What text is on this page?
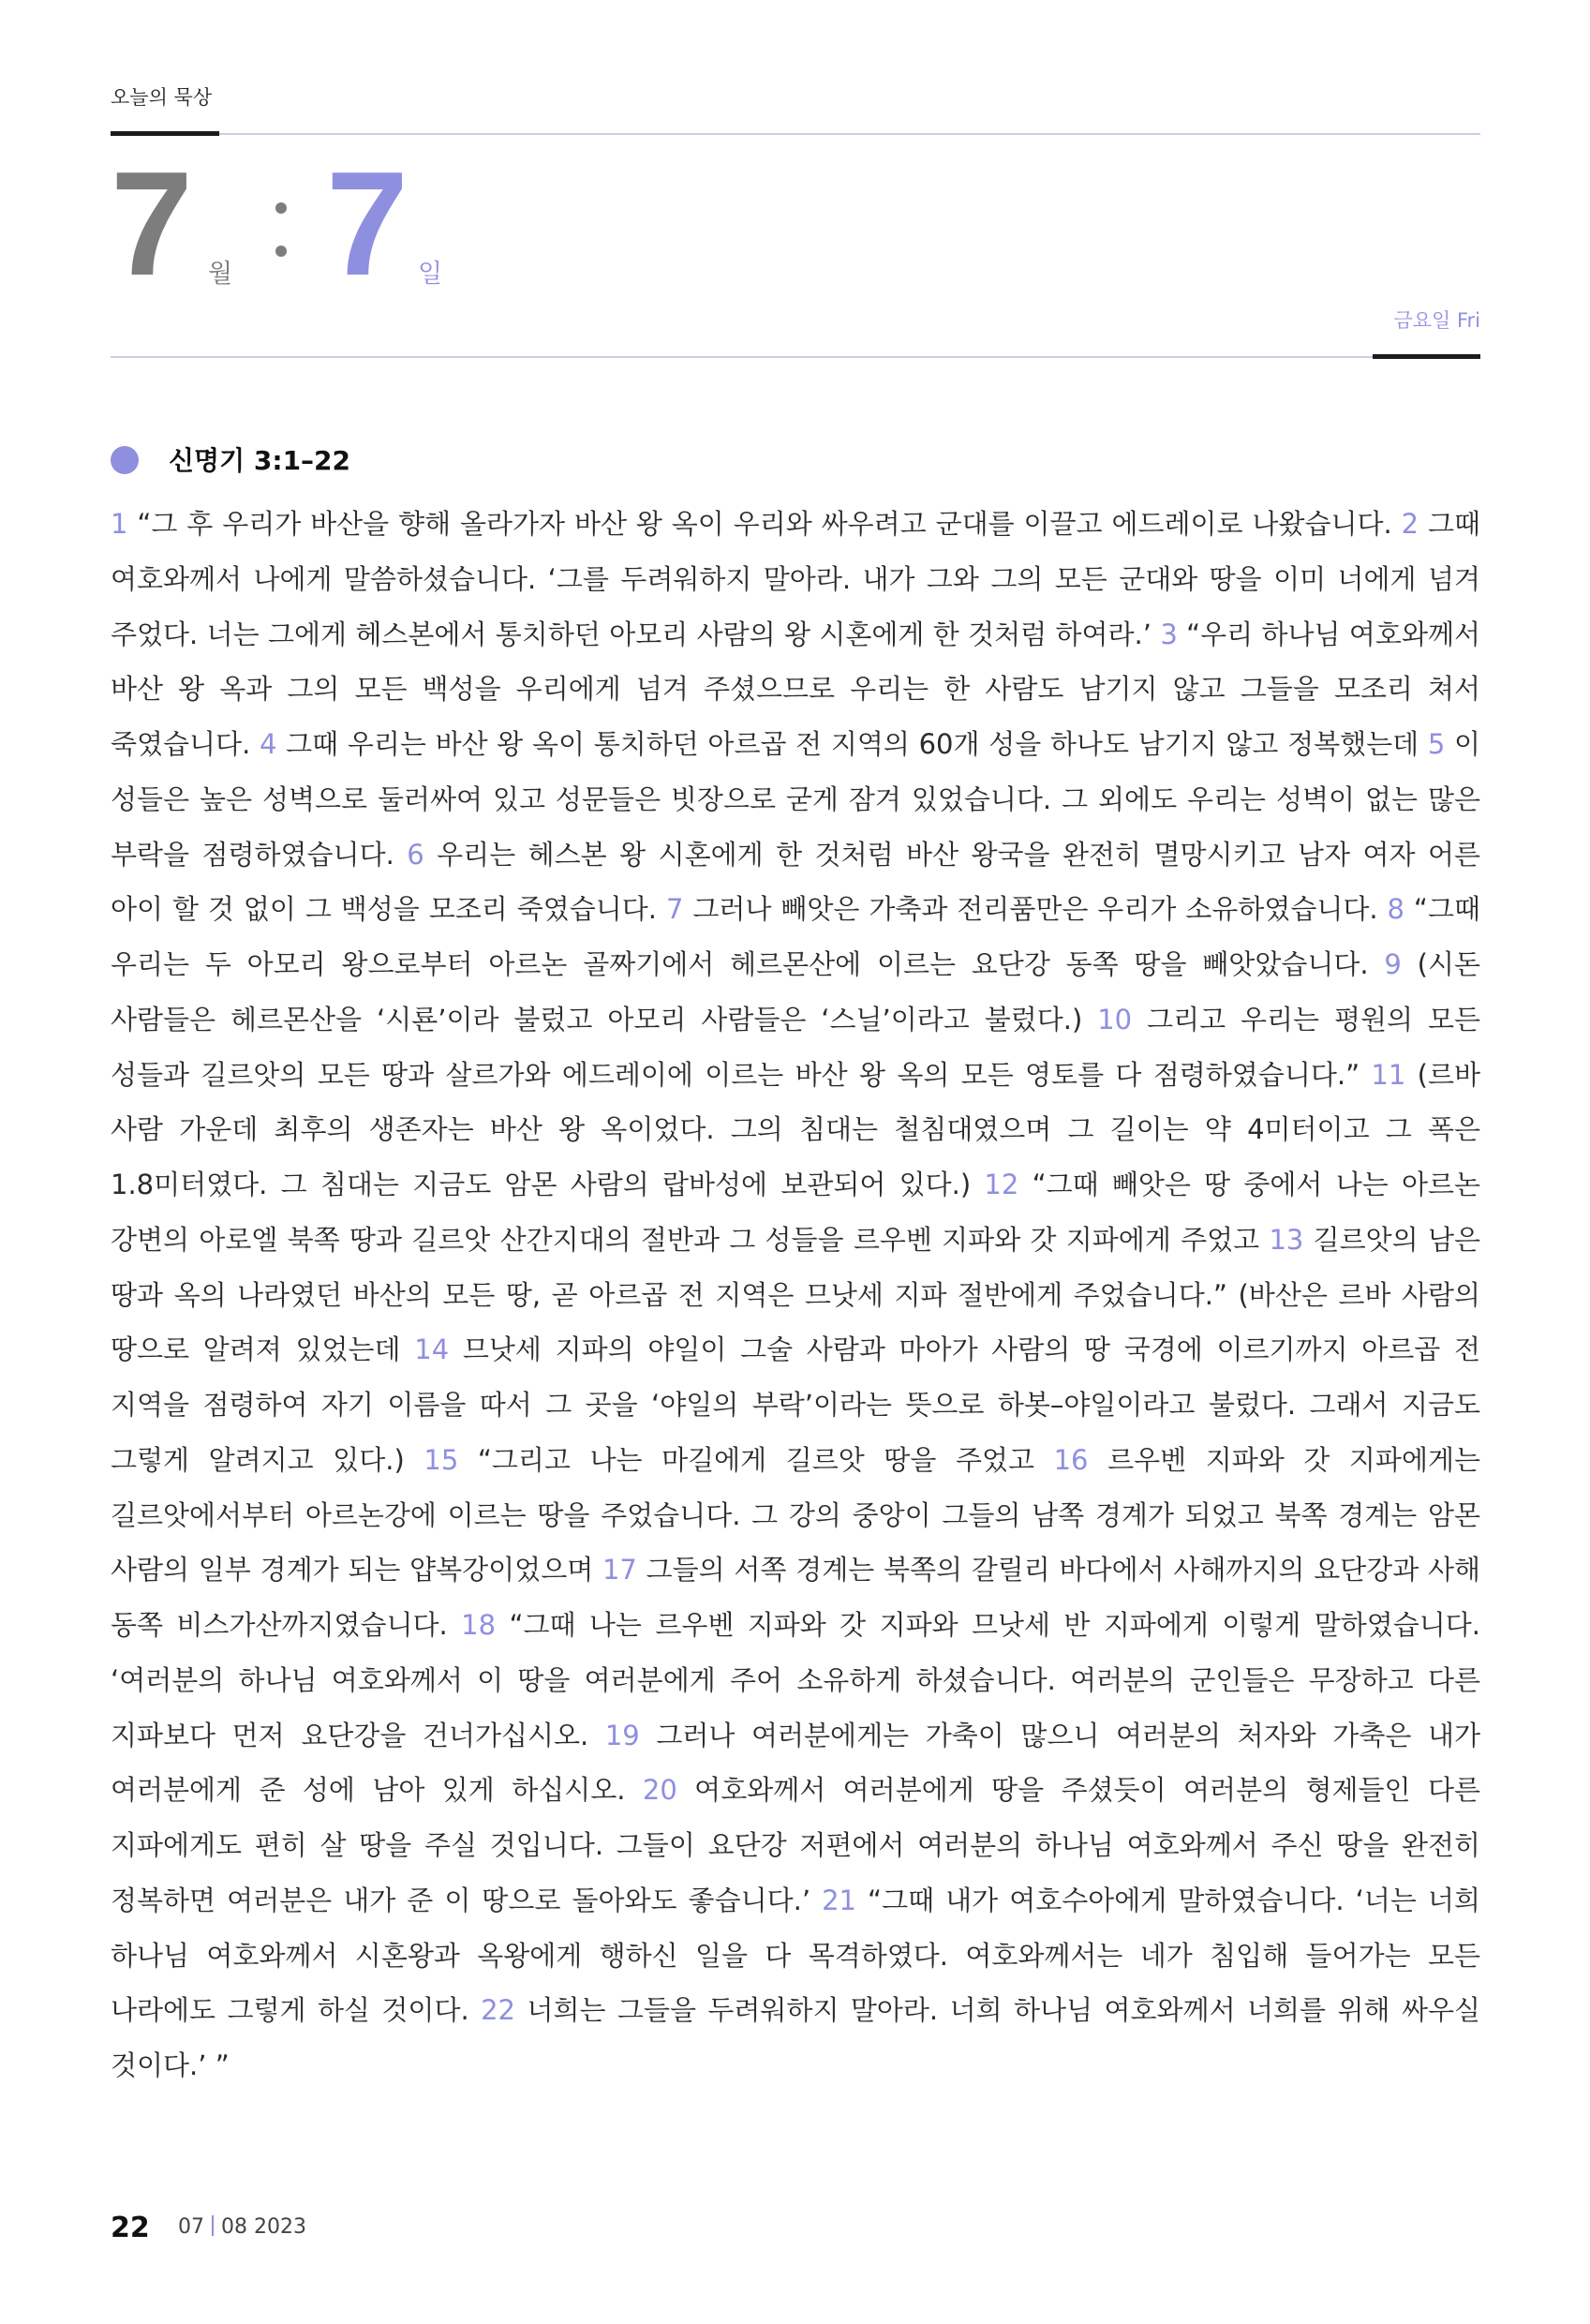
오늘의 묵상
7 월 7 일
금요일 Fri
신명기 3:1–22
1 “그 후 우리가 바산을 향해 올라가자 바산 왕 옥이 우리와 싸우려고 군대를 이끌고 에드레이로 나왔습니다. 2 그때 여호와께서 나에게 말씀하셨습니다. ‘그를 두려워하지 말아라. 내가 그와 그의 모든 군대와 땅을 이미 너에게 넘겨 주었다. 너는 그에게 헤스본에서 통치하던 아모리 사람의 왕 시혼에게 한 것처럼 하여라.’ 3 “우리 하나님 여호와께서 바산 왕 옥과 그의 모든 백성을 우리에게 넘겨 주셨으므로 우리는 한 사람도 남기지 않고 그들을 모조리 쳐서 죽였습니다. 4 그때 우리는 바산 왕 옥이 통치하던 아르곱 전 지역의 60개 성을 하나도 남기지 않고 정복했는데 5 이 성들은 높은 성벽으로 둘러싸여 있고 성문들은 빗장으로 굳게 잠겨 있었습니다. 그 외에도 우리는 성벽이 없는 많은 부락을 점령하였습니다. 6 우리는 헤스본 왕 시혼에게 한 것처럼 바산 왕국을 완전히 멸망시키고 남자 여자 어른 아이 할 것 없이 그 백성을 모조리 죽였습니다. 7 그러나 빼앗은 가축과 전리품만은 우리가 소유하였습니다. 8 “그때 우리는 두 아모리 왕으로부터 아르논 골짜기에서 헤르몬산에 이르는 요단강 동쪽 땅을 빼앗았습니다. 9 (시돈 사람들은 헤르몬산을 ‘시룐’이라 불렀고 아모리 사람들은 ‘스닐’이라고 불렀다.) 10 그리고 우리는 평원의 모든 성들과 길르앗의 모든 땅과 살르가와 에드레이에 이르는 바산 왕 옥의 모든 영토를 다 점령하였습니다.” 11 (르바 사람 가운데 최후의 생존자는 바산 왕 옥이었다. 그의 침대는 철침대였으며 그 길이는 약 4미터이고 그 폭은 1.8미터였다. 그 침대는 지금도 암몬 사람의 랍바성에 보관되어 있다.) 12 “그때 빼앗은 땅 중에서 나는 아르논 강변의 아로엘 북쪽 땅과 길르앗 산간지대의 절반과 그 성들을 르우벤 지파와 갓 지파에게 주었고 13 길르앗의 남은 땅과 옥의 나라였던 바산의 모든 땅, 곧 아르곱 전 지역은 므낫세 지파 절반에게 주었습니다.” (바산은 르바 사람의 땅으로 알려져 있었는데 14 므낫세 지파의 야일이 그술 사람과 마아가 사람의 땅 국경에 이르기까지 아르곱 전 지역을 점령하여 자기 이름을 따서 그 곳을 ‘야일의 부락’이라는 뜻으로 하봇–야일이라고 불렀다. 그래서 지금도 그렇게 알려지고 있다.) 15 “그리고 나는 마길에게 길르앗 땅을 주었고 16 르우벤 지파와 갓 지파에게는 길르앗에서부터 아르논강에 이르는 땅을 주었습니다. 그 강의 중앙이 그들의 남쪽 경계가 되었고 북쪽 경계는 암몬 사람의 일부 경계가 되는 얍복강이었으며 17 그들의 서쪽 경계는 북쪽의 갈릴리 바다에서 사해까지의 요단강과 사해 동쪽 비스가산까지였습니다. 18 “그때 나는 르우벤 지파와 갓 지파와 므낫세 반 지파에게 이렇게 말하였습니다. ‘여러분의 하나님 여호와께서 이 땅을 여러분에게 주어 소유하게 하셨습니다. 여러분의 군인들은 무장하고 다른 지파보다 먼저 요단강을 건너가십시오. 19 그러나 여러분에게는 가축이 많으니 여러분의 처자와 가축은 내가 여러분에게 준 성에 남아 있게 하십시오. 20 여호와께서 여러분에게 땅을 주셨듯이 여러분의 형제들인 다른 지파에게도 편히 살 땅을 주실 것입니다. 그들이 요단강 저편에서 여러분의 하나님 여호와께서 주신 땅을 완전히 정복하면 여러분은 내가 준 이 땅으로 돌아와도 좋습니다.’ 21 “그때 내가 여호수아에게 말하였습니다. ‘너는 너희 하나님 여호와께서 시혼왕과 옥왕에게 행하신 일을 다 목격하였다. 여호와께서는 네가 침입해 들어가는 모든 나라에도 그렇게 하실 것이다. 22 너희는 그들을 두려워하지 말아라. 너희 하나님 여호와께서 너희를 위해 싸우실 것이다.’ ”
22 07 08 2023
